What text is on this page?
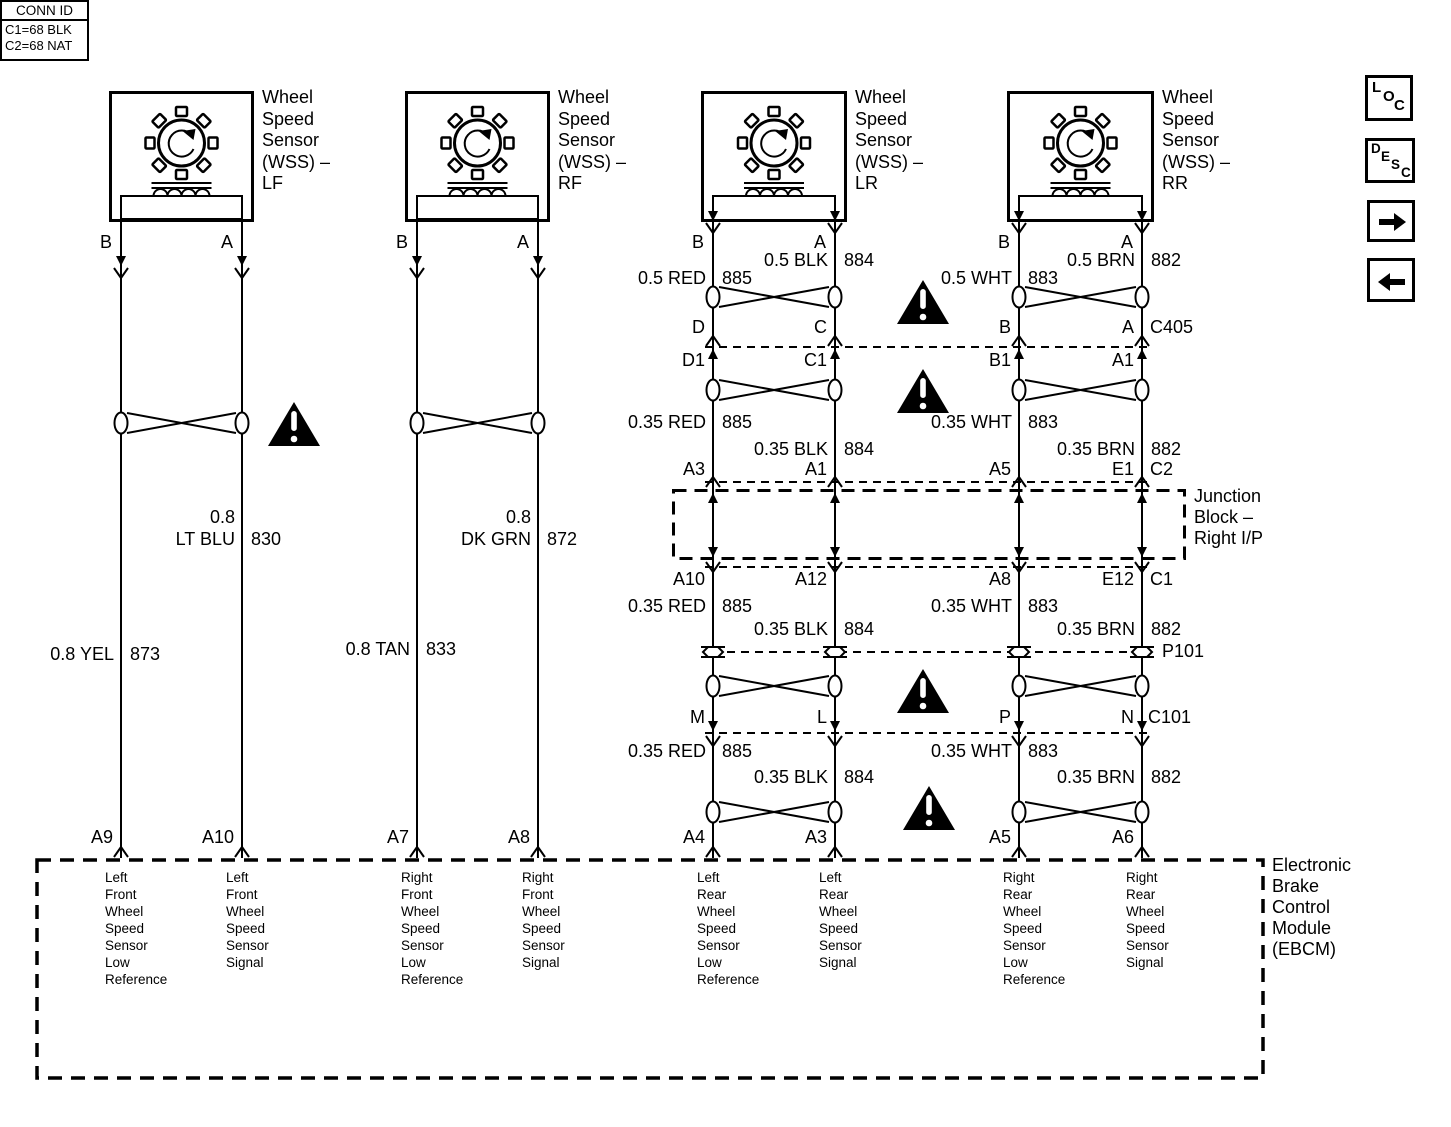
L
O
C
D
E
S
C
Wheel
Speed
Sensor
(WSS) –
LF
B	A
Wheel
Speed
Sensor
(WSS) –
RF
B	A
Wheel
Speed
Sensor
(WSS) –
LR
B	A
Wheel
Speed
Sensor
(WSS) –
RR
B	A
0.8
LT BLU 830
0.8 YEL 873
0.8
DK GRN 872
0.8 TAN 833
0.5 RED 885
0.5 BLK 884
0.5 WHT 883
0.5 BRN 882
0.35 RED 885
0.35 BLK 884
0.35 WHT 883
0.35 BRN 882
0.35 RED 885
0.35 BLK 884
0.35 WHT 883
0.35 BRN 882
0.35 RED 885
0.35 BLK 884
0.35 WHT 883
0.35 BRN 882
D	C	B	A C405
D1	C1	B1	A1
A3	A1	A5	E1 C2
A10	A12	A8	E12 C1
P101
M	L	P	N C101
A9	A10	A7	A8	A4	A3	A5	A6
Junction
Block –
Right I/P
CONN ID
C1=68 BLK
C2=68 NAT
Electronic
Brake
Control
Module
(EBCM)
Left
Front
Wheel
Speed
Sensor
Low
Reference
Left
Front
Wheel
Speed
Sensor
Signal
Right
Front
Wheel
Speed
Sensor
Low
Reference
Right
Front
Wheel
Speed
Sensor
Signal
Left
Rear
Wheel
Speed
Sensor
Low
Reference
Left
Rear
Wheel
Speed
Sensor
Signal
Right
Rear
Wheel
Speed
Sensor
Low
Reference
Right
Rear
Wheel
Speed
Sensor
Signal
